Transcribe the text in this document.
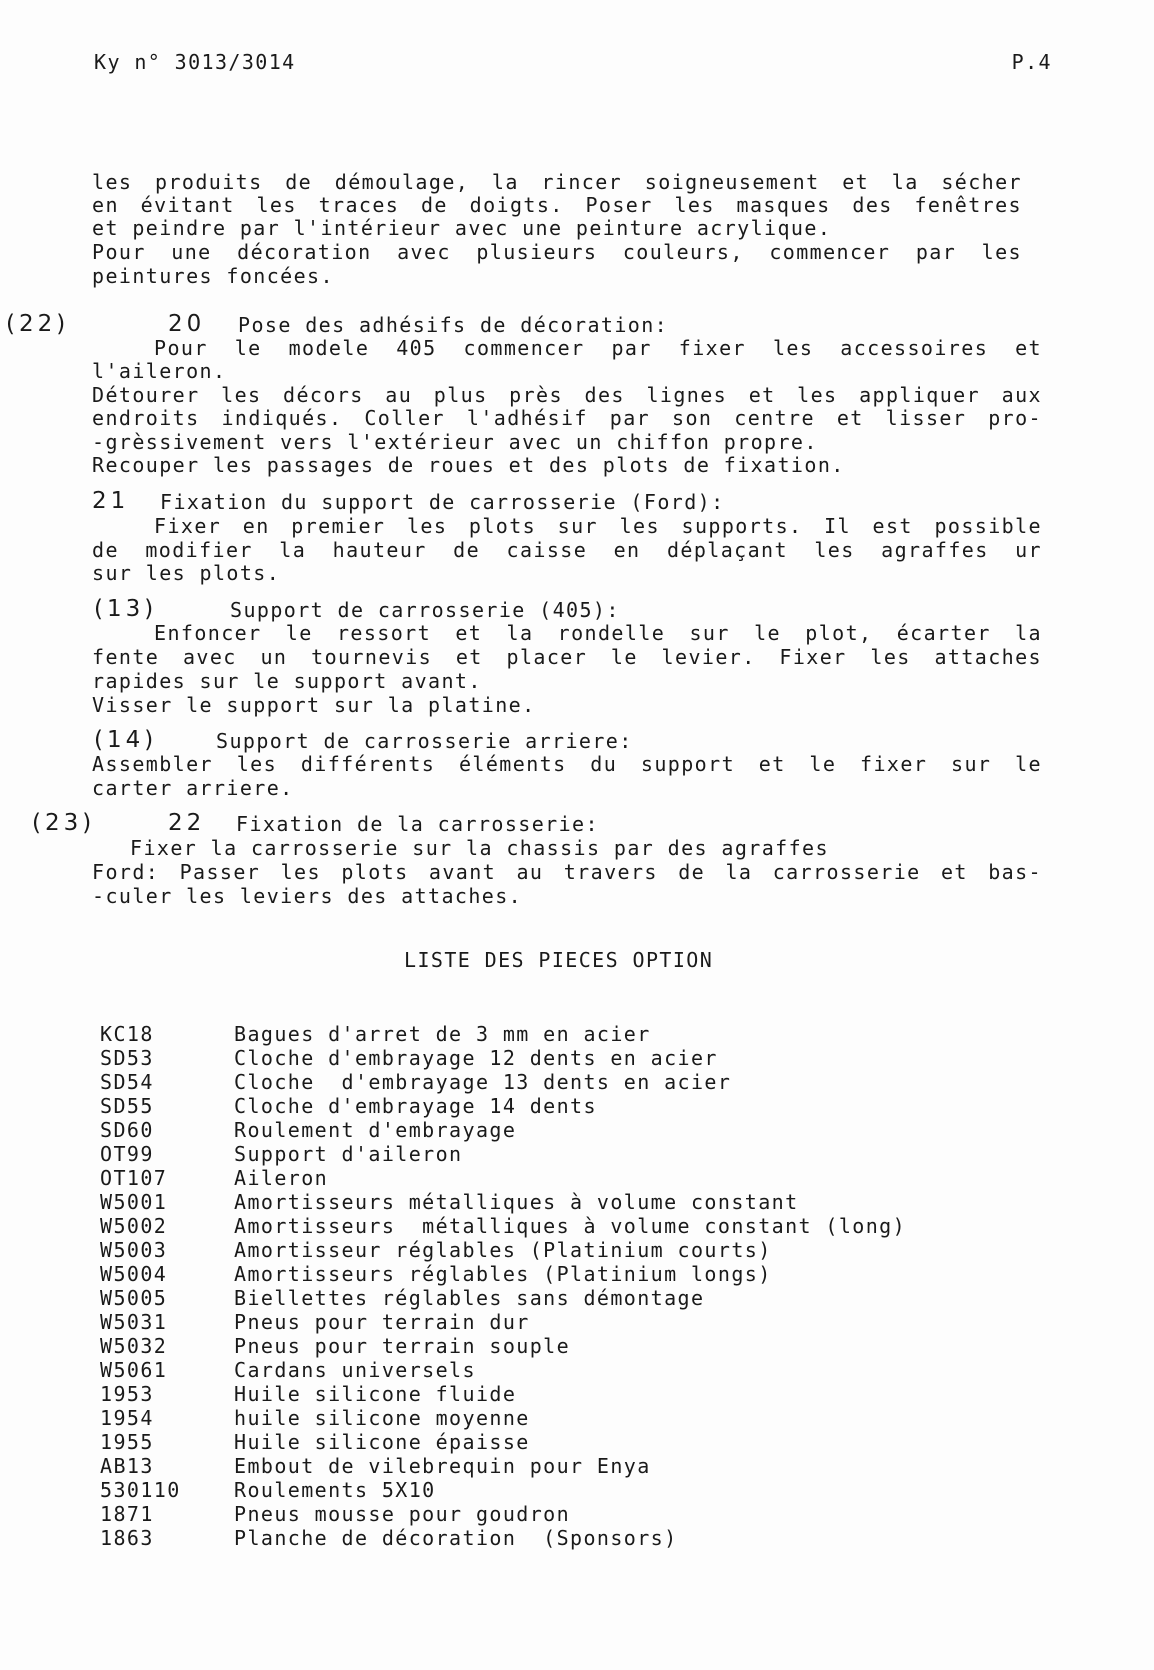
Ky n° 3013/3014	P.4
les produits de démoulage, la rincer soigneusement et la sécher
en évitant les traces de doigts. Poser les masques des fenêtres
et peindre par l'intérieur avec une peinture acrylique.
Pour une décoration avec plusieurs couleurs, commencer par les
peintures foncées.
(22)	20 Pose des adhésifs de décoration:
Pour le modele 405 commencer par fixer les accessoires et
l'aileron.
Détourer les décors au plus près des lignes et les appliquer aux
endroits indiqués. Coller l'adhésif par son centre et lisser pro-
-grèssivement vers l'extérieur avec un chiffon propre.
Recouper les passages de roues et des plots de fixation.
21 Fixation du support de carrosserie (Ford):
Fixer en premier les plots sur les supports. Il est possible
de modifier la hauteur de caisse en déplaçant les agraffes ur
sur les plots.
(13)	Support de carrosserie (405):
Enfoncer le ressort et la rondelle sur le plot, écarter la
fente avec un tournevis et placer le levier. Fixer les attaches
rapides sur le support avant.
Visser le support sur la platine.
(14)	Support de carrosserie arriere:
Assembler les différents éléments du support et le fixer sur le
carter arriere.
(23)	22 Fixation de la carrosserie:
Fixer la carrosserie sur la chassis par des agraffes
Ford: Passer les plots avant au travers de la carrosserie et bas-
-culer les leviers des attaches.
LISTE DES PIECES OPTION
KC18	Bagues d'arret de 3 mm en acier
SD53	Cloche d'embrayage 12 dents en acier
SD54	Cloche  d'embrayage 13 dents en acier
SD55	Cloche d'embrayage 14 dents
SD60	Roulement d'embrayage
OT99	Support d'aileron
OT107	Aileron
W5001	Amortisseurs métalliques à volume constant
W5002	Amortisseurs  métalliques à volume constant (long)
W5003	Amortisseur réglables (Platinium courts)
W5004	Amortisseurs réglables (Platinium longs)
W5005	Biellettes réglables sans démontage
W5031	Pneus pour terrain dur
W5032	Pneus pour terrain souple
W5061	Cardans universels
1953	Huile silicone fluide
1954	huile silicone moyenne
1955	Huile silicone épaisse
AB13	Embout de vilebrequin pour Enya
530110	Roulements 5X10
1871	Pneus mousse pour goudron
1863	Planche de décoration  (Sponsors)
